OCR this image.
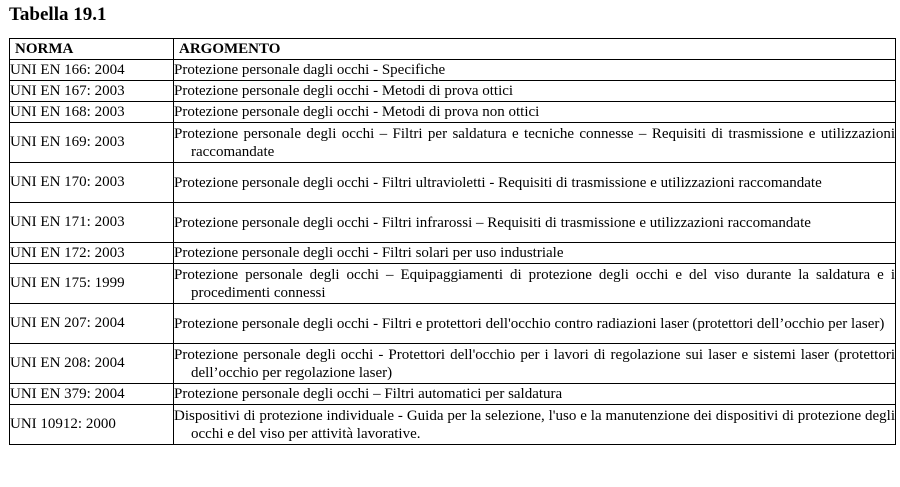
Tabella 19.1
NORMA	ARGOMENTO
UNI EN 166: 2004	Protezione personale dagli occhi - Specifiche

UNI EN 167: 2003	Protezione personale degli occhi - Metodi di prova ottici

UNI EN 168: 2003	Protezione personale degli occhi - Metodi di prova non ottici

UNI EN 169: 2003	Protezione personale degli occhi – Filtri per saldatura e tecniche connesse – Requisiti di trasmissione e utilizzazioni raccomandate

UNI EN 170: 2003	Protezione personale degli occhi - Filtri ultravioletti - Requisiti di trasmissione e utilizzazioni raccomandate

UNI EN 171: 2003	Protezione personale degli occhi - Filtri infrarossi – Requisiti di trasmissione e utilizzazioni raccomandate

UNI EN 172: 2003	Protezione personale degli occhi - Filtri solari per uso industriale

UNI EN 175: 1999	Protezione personale degli occhi – Equipaggiamenti di protezione degli occhi e del viso durante la saldatura e i procedimenti connessi

UNI EN 207: 2004	Protezione personale degli occhi - Filtri e protettori dell'occhio contro radiazioni laser (protettori dell’occhio per laser)

UNI EN 208: 2004	Protezione personale degli occhi - Protettori dell'occhio per i lavori di regolazione sui laser e sistemi laser (protettori dell’occhio per regolazione laser)

UNI EN 379: 2004	Protezione personale degli occhi – Filtri automatici per saldatura

UNI 10912: 2000	Dispositivi di protezione individuale - Guida per la selezione, l'uso e la manutenzione dei dispositivi di protezione degli occhi e del viso per attività lavorative.
